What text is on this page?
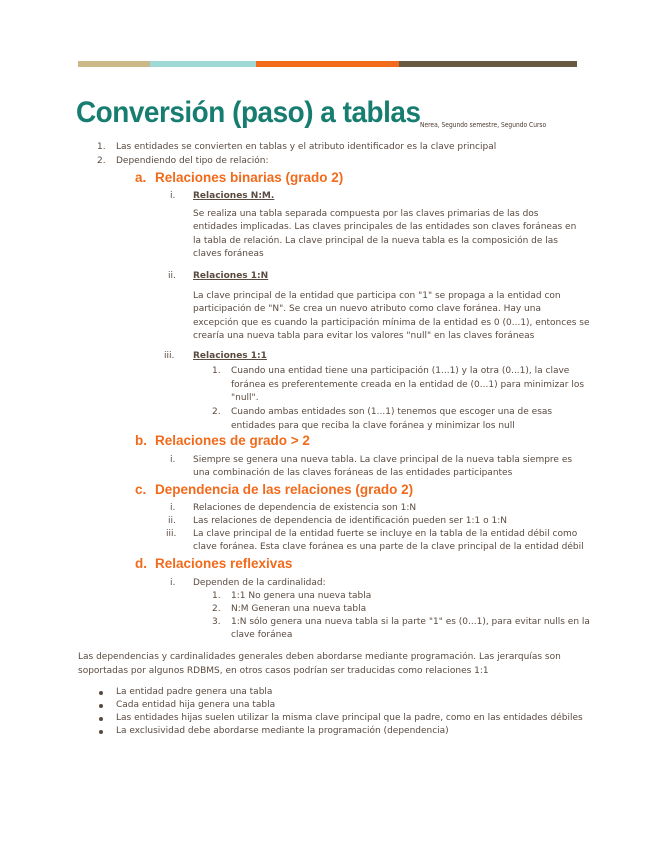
Conversión (paso) a tablas Nerea, Segundo semestre, Segundo Curso
1. Las entidades se convierten en tablas y el atributo identificador es la clave principal
2. Dependiendo del tipo de relación:
a. Relaciones binarias (grado 2)
i. Relaciones N:M.
Se realiza una tabla separada compuesta por las claves primarias de las dos
entidades implicadas. Las claves principales de las entidades son claves foráneas en
la tabla de relación. La clave principal de la nueva tabla es la composición de las
claves foráneas
ii. Relaciones 1:N
La clave principal de la entidad que participa con "1" se propaga a la entidad con
participación de "N". Se crea un nuevo atributo como clave foránea. Hay una
excepción que es cuando la participación mínima de la entidad es 0 (0...1), entonces se
crearía una nueva tabla para evitar los valores "null" en las claves foráneas
iii. Relaciones 1:1
1. Cuando una entidad tiene una participación (1...1) y la otra (0...1), la clave
foránea es preferentemente creada en la entidad de (0...1) para minimizar los
"null".
2. Cuando ambas entidades son (1...1) tenemos que escoger una de esas
entidades para que reciba la clave foránea y minimizar los null
b. Relaciones de grado > 2
i. Siempre se genera una nueva tabla. La clave principal de la nueva tabla siempre es
una combinación de las claves foráneas de las entidades participantes
c. Dependencia de las relaciones (grado 2)
i. Relaciones de dependencia de existencia son 1:N
ii. Las relaciones de dependencia de identificación pueden ser 1:1 o 1:N
iii. La clave principal de la entidad fuerte se incluye en la tabla de la entidad débil como
clave foránea. Esta clave foránea es una parte de la clave principal de la entidad débil
d. Relaciones reflexivas
i. Dependen de la cardinalidad:
1. 1:1 No genera una nueva tabla
2. N:M Generan una nueva tabla
3. 1:N sólo genera una nueva tabla si la parte "1" es (0...1), para evitar nulls en la
clave foránea
Las dependencias y cardinalidades generales deben abordarse mediante programación. Las jerarquías son
soportadas por algunos RDBMS, en otros casos podrían ser traducidas como relaciones 1:1
La entidad padre genera una tabla
Cada entidad hija genera una tabla
Las entidades hijas suelen utilizar la misma clave principal que la padre, como en las entidades débiles
La exclusividad debe abordarse mediante la programación (dependencia)
